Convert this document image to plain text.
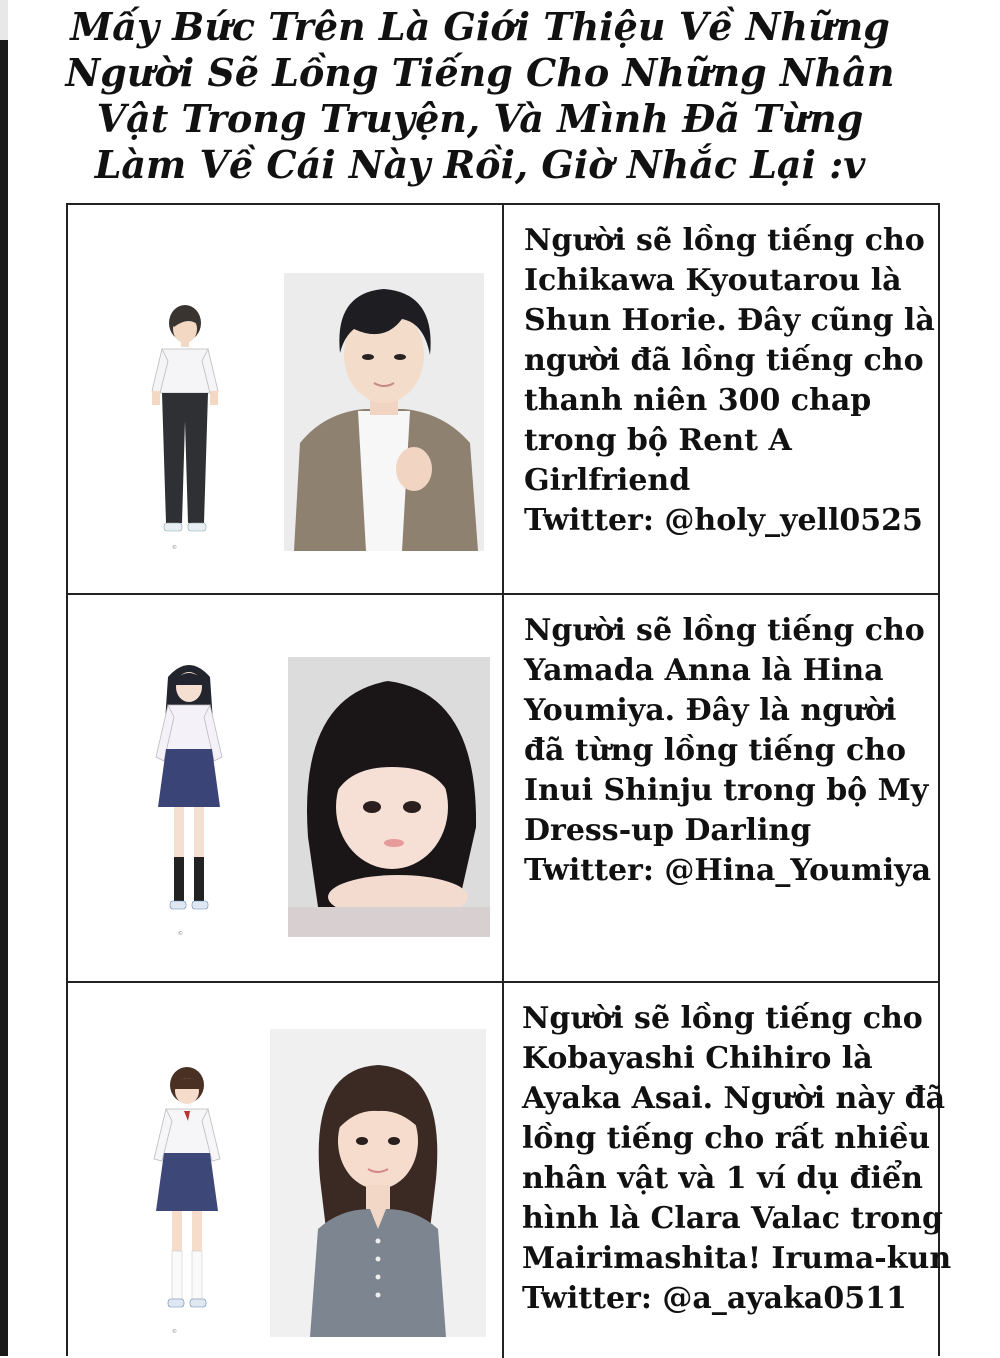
Mấy Bức Trên Là Giới Thiệu Về Những
Người Sẽ Lồng Tiếng Cho Những Nhân
Vật Trong Truyện, Và Mình Đã Từng
Làm Về Cái Này Rồi, Giờ Nhắc Lại :v
©
Người sẽ lồng tiếng cho
Ichikawa Kyoutarou là
Shun Horie. Đây cũng là
người đã lồng tiếng cho
thanh niên 300 chap
trong bộ Rent A
Girlfriend
Twitter: @holy_yell0525
©
Người sẽ lồng tiếng cho
Yamada Anna là Hina
Youmiya. Đây là người
đã từng lồng tiếng cho
Inui Shinju trong bộ My
Dress-up Darling
Twitter: @Hina_Youmiya
©
Người sẽ lồng tiếng cho
Kobayashi Chihiro là
Ayaka Asai. Người này đã
lồng tiếng cho rất nhiều
nhân vật và 1 ví dụ điển
hình là Clara Valac trong
Mairimashita! Iruma-kun
Twitter: @a_ayaka0511
